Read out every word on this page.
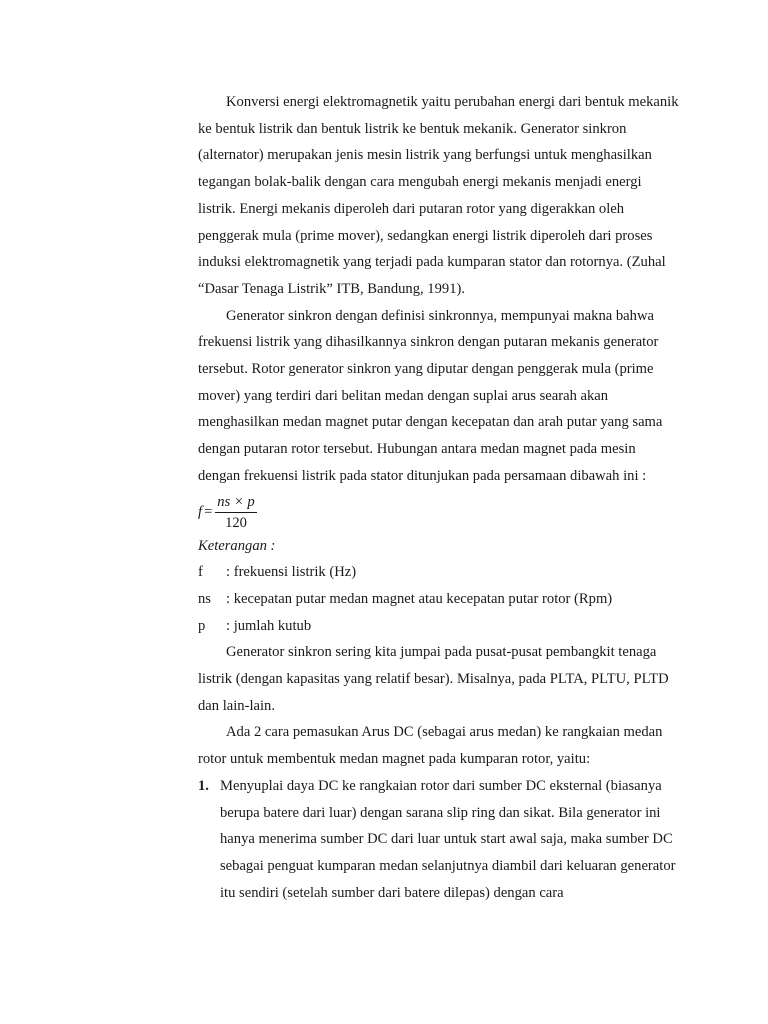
Konversi energi elektromagnetik yaitu perubahan energi dari bentuk mekanik ke bentuk listrik dan bentuk listrik ke bentuk mekanik. Generator sinkron (alternator) merupakan jenis mesin listrik yang berfungsi untuk menghasilkan tegangan bolak-balik dengan cara mengubah energi mekanis menjadi energi listrik. Energi mekanis diperoleh dari putaran rotor yang digerakkan oleh penggerak mula (prime mover), sedangkan energi listrik diperoleh dari proses induksi elektromagnetik yang terjadi pada kumparan stator dan rotornya. (Zuhal “Dasar Tenaga Listrik” ITB, Bandung, 1991).

Generator sinkron dengan definisi sinkronnya, mempunyai makna bahwa frekuensi listrik yang dihasilkannya sinkron dengan putaran mekanis generator tersebut. Rotor generator sinkron yang diputar dengan penggerak mula (prime mover) yang terdiri dari belitan medan dengan suplai arus searah akan menghasilkan medan magnet putar dengan kecepatan dan arah putar yang sama dengan putaran rotor tersebut. Hubungan antara medan magnet pada mesin dengan frekuensi listrik pada stator ditunjukan pada persamaan dibawah ini :

$f = \frac{ns \times p}{120}$

Keterangan :

f	: frekuensi listrik (Hz)
ns	: kecepatan putar medan magnet atau kecepatan putar rotor (Rpm)
p	: jumlah kutub

Generator sinkron sering kita jumpai pada pusat-pusat pembangkit tenaga listrik (dengan kapasitas yang relatif besar). Misalnya, pada PLTA, PLTU, PLTD dan lain-lain.

Ada 2 cara pemasukan Arus DC (sebagai arus medan) ke rangkaian medan rotor untuk membentuk medan magnet pada kumparan rotor, yaitu:

1. Menyuplai daya DC ke rangkaian rotor dari sumber DC eksternal (biasanya berupa batere dari luar) dengan sarana slip ring dan sikat. Bila generator ini hanya menerima sumber DC dari luar untuk start awal saja, maka sumber DC sebagai penguat kumparan medan selanjutnya diambil dari keluaran generator itu sendiri (setelah sumber dari batere dilepas) dengan cara
